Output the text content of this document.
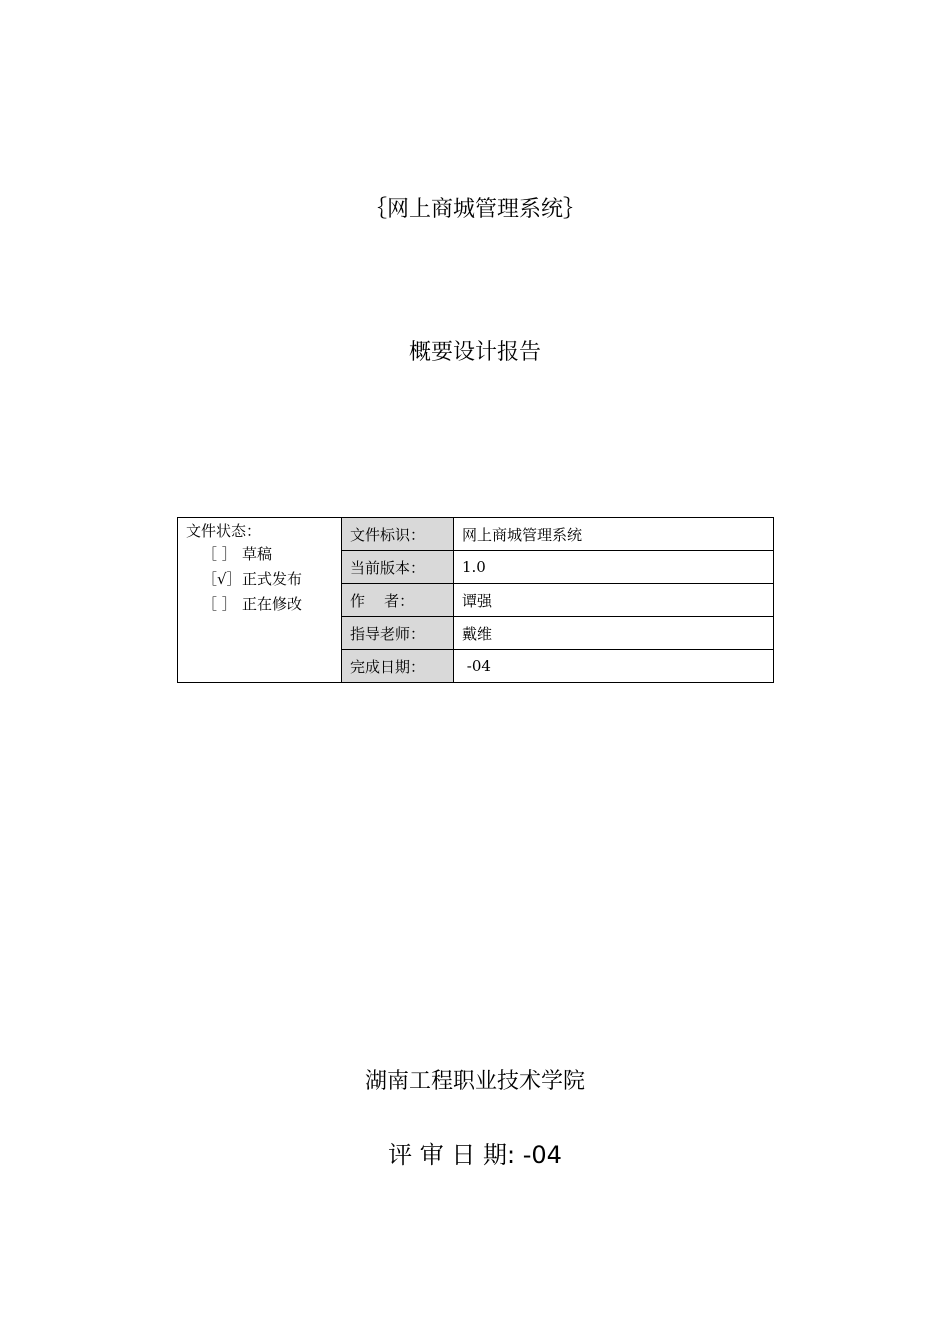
｛网上商城管理系统｝
概要设计报告
文件状态：
［ ］ 草稿
［√］正式发布
［ ］ 正在修改	文件标识：	网上商城管理系统
	当前版本：	1.0
	作    者：	谭强
	指导老师：	戴维
	完成日期：	-04
湖南工程职业技术学院
评 审 日 期: -04
